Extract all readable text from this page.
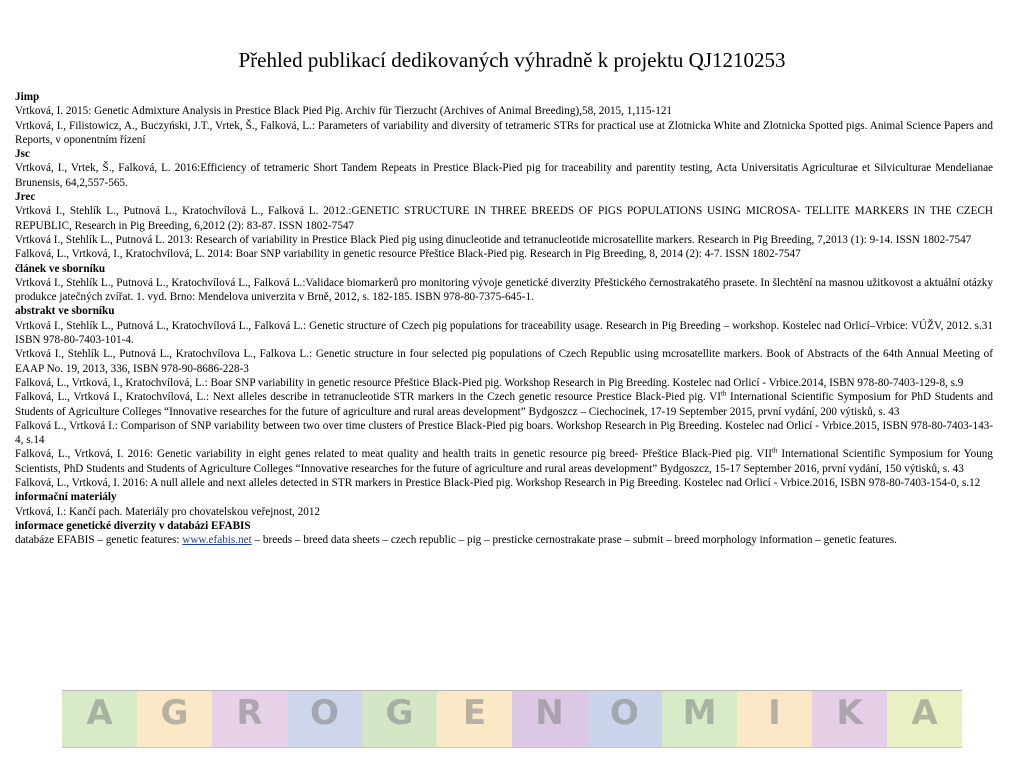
Přehled publikací dedikovaných výhradně k projektu QJ1210253

Jimp

Vrtková, I. 2015: Genetic Admixture Analysis in Prestice Black Pied Pig. Archiv für Tierzucht (Archives of Animal Breeding),58, 2015, 1,115-121

Vrtková, I., Filistowicz, A., Buczyński, J.T., Vrtek, Š., Falková, L.: Parameters of variability and diversity of tetrameric STRs for practical use at Zlotnicka White and Zlotnicka Spotted pigs. Animal Science Papers and Reports, v oponentním řízení

Jsc

Vrtková, I., Vrtek, Š., Falková, L. 2016:Efficiency of tetrameric Short Tandem Repeats in Prestice Black-Pied pig for traceability and parentity testing, Acta Universitatis Agriculturae et Silviculturae Mendelianae Brunensis, 64,2,557-565.

Jrec

Vrtková I., Stehlík L., Putnová L., Kratochvílová L., Falková L. 2012.:GENETIC STRUCTURE IN THREE BREEDS OF PIGS POPULATIONS USING MICROSA- TELLITE MARKERS IN THE CZECH REPUBLIC, Research in Pig Breeding, 6,2012 (2): 83-87. ISSN 1802-7547

Vrtková I., Stehlík L., Putnová L. 2013: Research of variability in Prestice Black Pied pig using dinucleotide and tetranucleotide microsatellite markers. Research in Pig Breeding, 7,2013 (1): 9-14. ISSN 1802-7547

Falková, L., Vrtková, I., Kratochvílová, L. 2014: Boar SNP variability in genetic resource Přeštice Black-Pied pig. Research in Pig Breeding, 8, 2014 (2): 4-7. ISSN 1802-7547

článek ve sborníku

Vrtková I., Stehlík L., Putnová L., Kratochvílová L., Falková L.:Validace biomarkerů pro monitoring vývoje genetické diverzity Přeštického černostrakatého prasete. In šlechtění na masnou užitkovost a aktuální otázky produkce jatečných zvířat. 1. vyd. Brno: Mendelova univerzita v Brně, 2012, s. 182-185. ISBN 978-80-7375-645-1.

abstrakt ve sborníku

Vrtková I., Stehlík L., Putnová L., Kratochvílová L., Falková L.: Genetic structure of Czech pig populations for traceability usage. Research in Pig Breeding – workshop. Kostelec nad Orlicí–Vrbice: VÚŽV, 2012. s.31 ISBN 978-80-7403-101-4.

Vrtková I., Stehlík L., Putnová L., Kratochvílova L., Falkova L.: Genetic structure in four selected pig populations of Czech Republic using mcrosatellite markers. Book of Abstracts of the 64th Annual Meeting of EAAP No. 19, 2013, 336, ISBN 978-90-8686-228-3

Falková, L., Vrtková, I., Kratochvílová, L.: Boar SNP variability in genetic resource Přeštice Black-Pied pig. Workshop Research in Pig Breeding. Kostelec nad Orlicí - Vrbice.2014, ISBN 978-80-7403-129-8, s.9

Falková, L., Vrtková I., Kratochvílová, L.: Next alleles describe in tetranucleotide STR markers in the Czech genetic resource Prestice Black-Pied pig. VIth International Scientific Symposium for PhD Students and Students of Agriculture Colleges “Innovative researches for the future of agriculture and rural areas development” Bydgoszcz – Ciechocinek, 17-19 September 2015, první vydání, 200 výtisků, s. 43

Falková L., Vrtková I.: Comparison of SNP variability between two over time clusters of Prestice Black-Pied pig boars. Workshop Research in Pig Breeding. Kostelec nad Orlicí - Vrbice.2015, ISBN 978-80-7403-143-4, s.14

Falková, L., Vrtková, I. 2016: Genetic variability in eight genes related to meat quality and health traits in genetic resource pig breed- Přeštice Black-Pied pig. VIIth International Scientific Symposium for Young Scientists, PhD Students and Students of Agriculture Colleges “Innovative researches for the future of agriculture and rural areas development” Bydgoszcz, 15-17 September 2016, první vydání, 150 výtisků, s. 43

Falková, L., Vrtková, I. 2016: A null allele and next alleles detected in STR markers in Prestice Black-Pied pig. Workshop Research in Pig Breeding. Kostelec nad Orlicí - Vrbice.2016, ISBN 978-80-7403-154-0, s.12

informační materiály

Vrtková, I.: Kančí pach. Materiály pro chovatelskou veřejnost, 2012

informace genetické diverzity v databázi EFABIS

databáze EFABIS – genetic features: www.efabis.net – breeds – breed data sheets – czech republic – pig – presticke cernostrakate prase – submit – breed morphology information – genetic features.

A	G	R	O	G	E	N	O	M	I	K	A
